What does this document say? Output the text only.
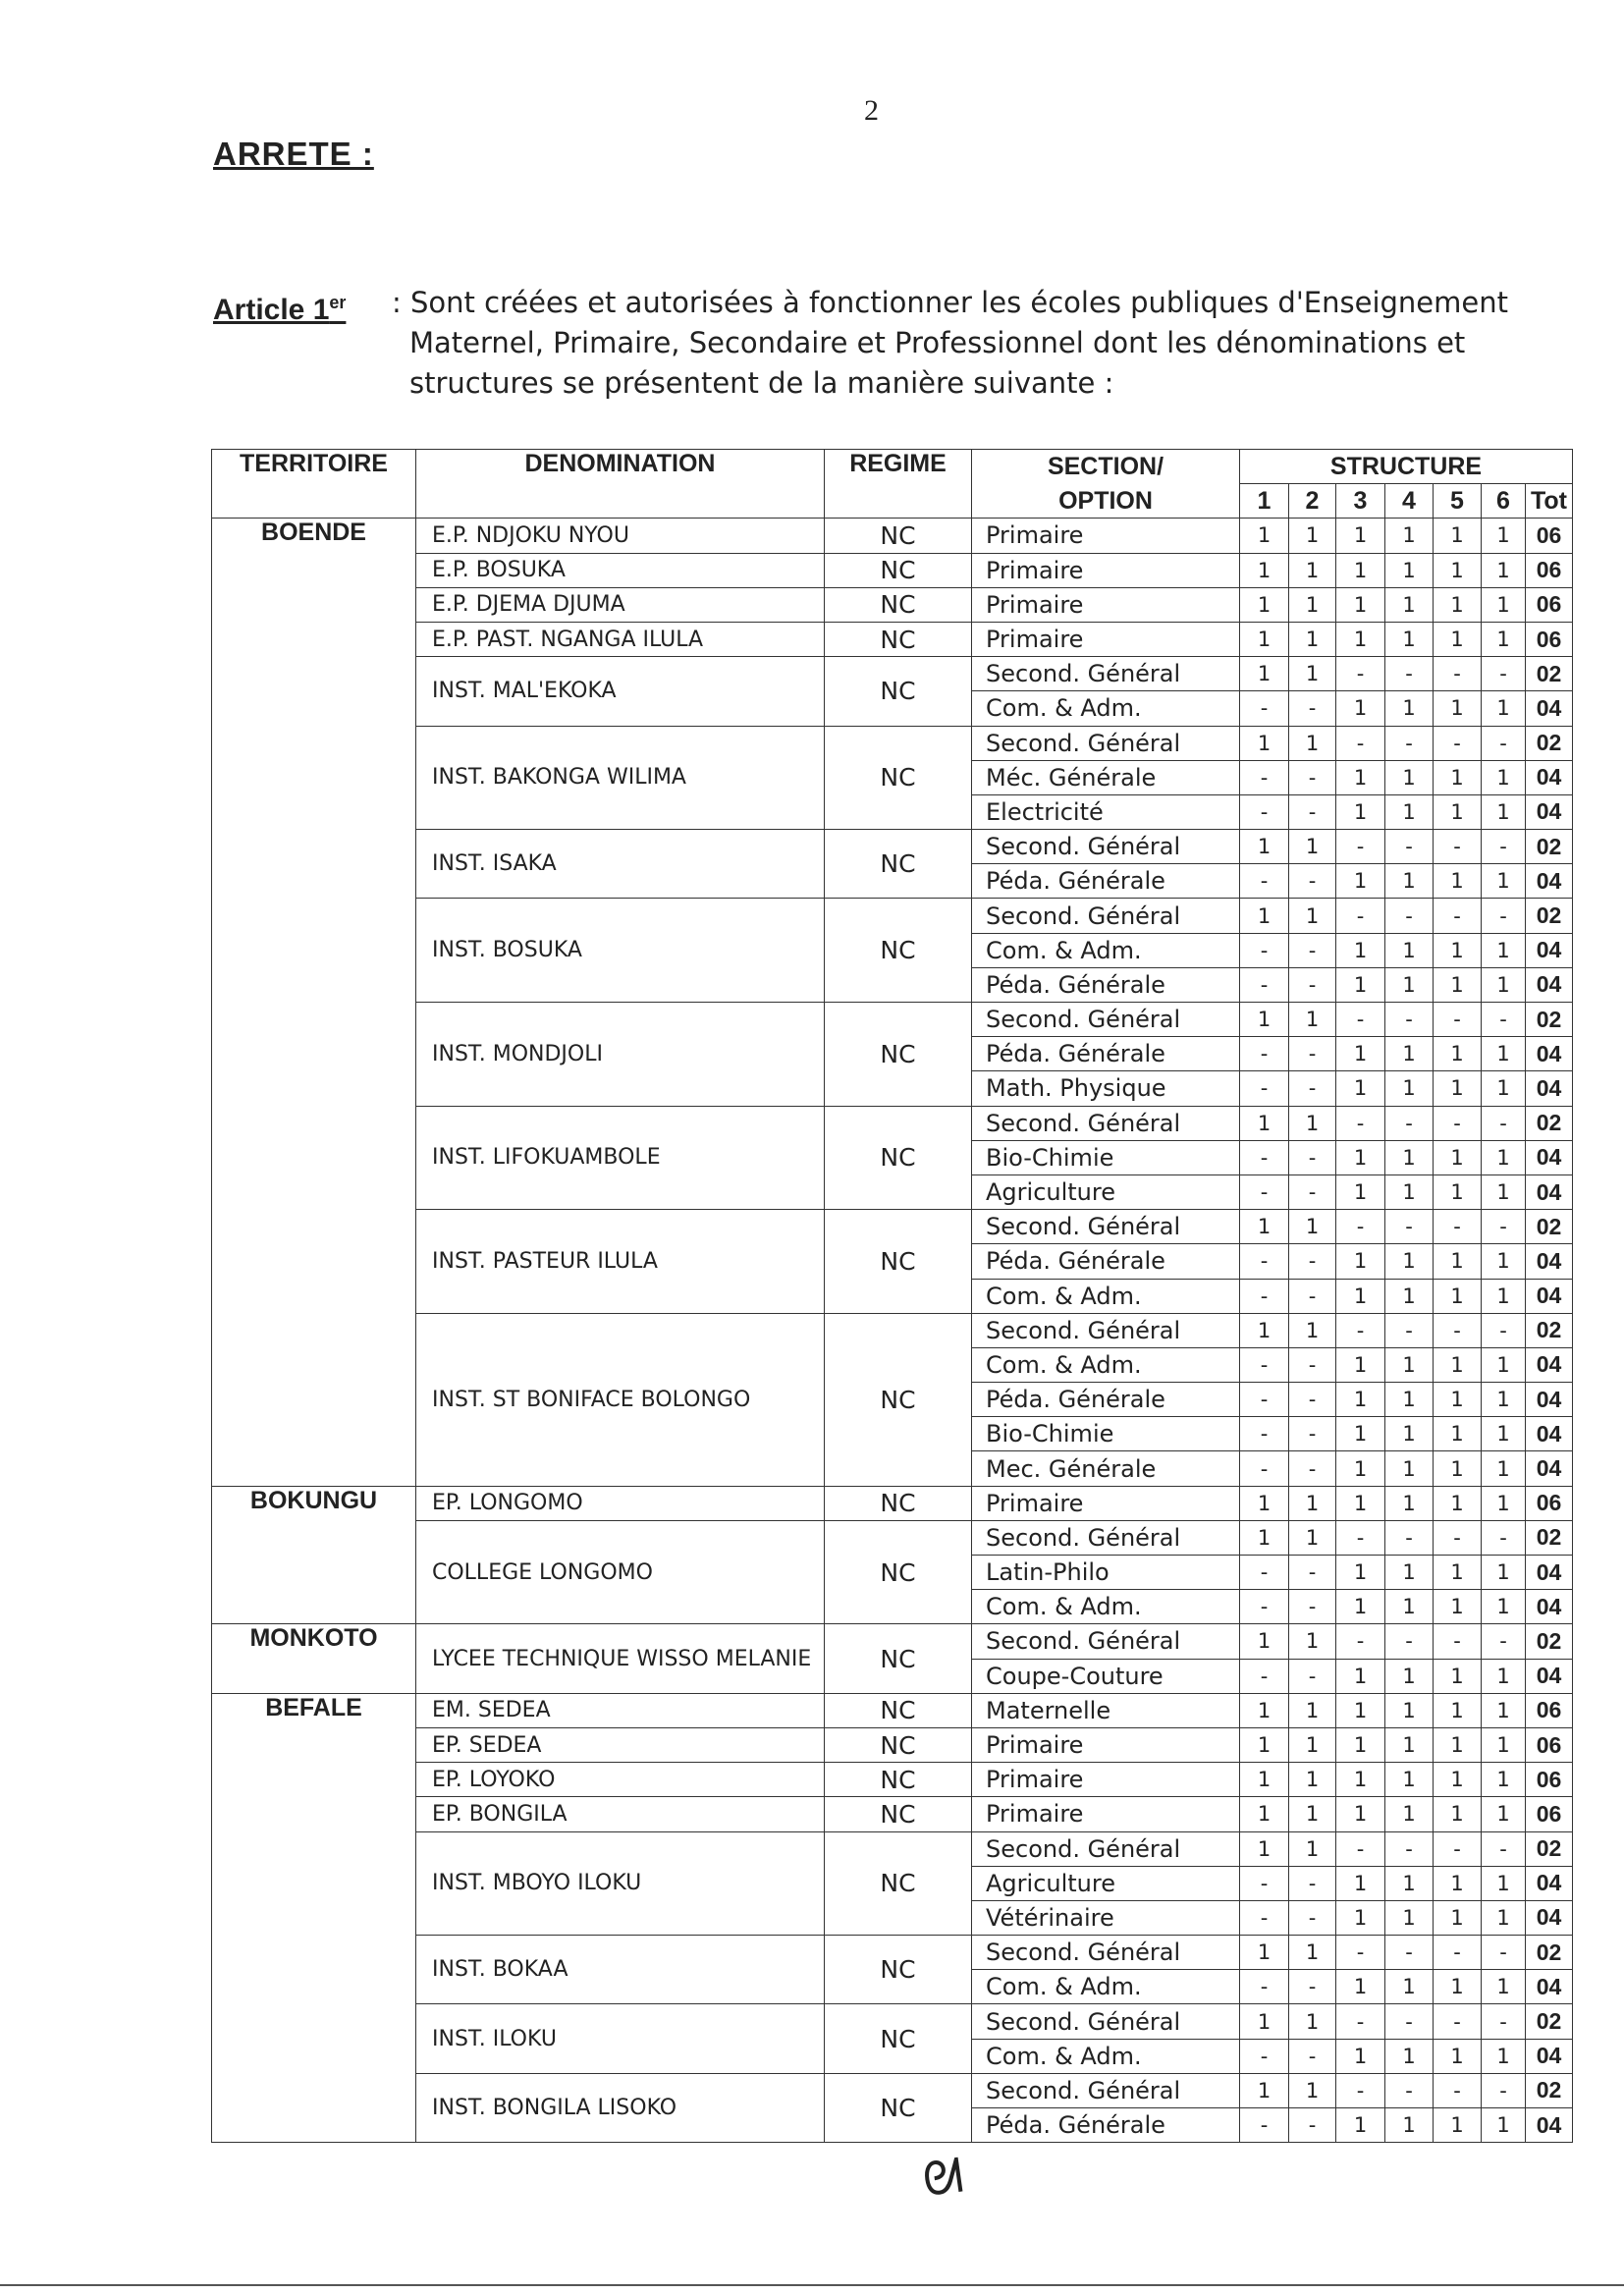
2
ARRETE :
Article 1er : Sont créées et autorisées à fonctionner les écoles publiques d'Enseignement
Maternel, Primaire, Secondaire et Professionnel dont les dénominations et
structures se présentent de la manière suivante :
TERRITOIRE	DENOMINATION	REGIME	SECTION/	STRUCTURE						
			OPTION	1	2	3	4	5	6	Tot
BOENDE	E.P. NDJOKU NYOU	NC	Primaire	1	1	1	1	1	1	06
	E.P. BOSUKA	NC	Primaire	1	1	1	1	1	1	06
	E.P. DJEMA DJUMA	NC	Primaire	1	1	1	1	1	1	06
	E.P. PAST. NGANGA ILULA	NC	Primaire	1	1	1	1	1	1	06
	INST. MAL'EKOKA	NC	Second. Général	1	1	-	-	-	-	02
			Com. & Adm.	-	-	1	1	1	1	04
	INST. BAKONGA WILIMA	NC	Second. Général	1	1	-	-	-	-	02
			Méc. Générale	-	-	1	1	1	1	04
			Electricité	-	-	1	1	1	1	04
	INST. ISAKA	NC	Second. Général	1	1	-	-	-	-	02
			Péda. Générale	-	-	1	1	1	1	04
	INST. BOSUKA	NC	Second. Général	1	1	-	-	-	-	02
			Com. & Adm.	-	-	1	1	1	1	04
			Péda. Générale	-	-	1	1	1	1	04
	INST. MONDJOLI	NC	Second. Général	1	1	-	-	-	-	02
			Péda. Générale	-	-	1	1	1	1	04
			Math. Physique	-	-	1	1	1	1	04
	INST. LIFOKUAMBOLE	NC	Second. Général	1	1	-	-	-	-	02
			Bio-Chimie	-	-	1	1	1	1	04
			Agriculture	-	-	1	1	1	1	04
	INST. PASTEUR ILULA	NC	Second. Général	1	1	-	-	-	-	02
			Péda. Générale	-	-	1	1	1	1	04
			Com. & Adm.	-	-	1	1	1	1	04
	INST. ST BONIFACE BOLONGO	NC	Second. Général	1	1	-	-	-	-	02
			Com. & Adm.	-	-	1	1	1	1	04
			Péda. Générale	-	-	1	1	1	1	04
			Bio-Chimie	-	-	1	1	1	1	04
			Mec. Générale	-	-	1	1	1	1	04
BOKUNGU	EP. LONGOMO	NC	Primaire	1	1	1	1	1	1	06
	COLLEGE LONGOMO	NC	Second. Général	1	1	-	-	-	-	02
			Latin-Philo	-	-	1	1	1	1	04
			Com. & Adm.	-	-	1	1	1	1	04
MONKOTO	LYCEE TECHNIQUE WISSO MELANIE	NC	Second. Général	1	1	-	-	-	-	02
			Coupe-Couture	-	-	1	1	1	1	04
BEFALE	EM. SEDEA	NC	Maternelle	1	1	1	1	1	1	06
	EP. SEDEA	NC	Primaire	1	1	1	1	1	1	06
	EP. LOYOKO	NC	Primaire	1	1	1	1	1	1	06
	EP. BONGILA	NC	Primaire	1	1	1	1	1	1	06
	INST. MBOYO ILOKU	NC	Second. Général	1	1	-	-	-	-	02
			Agriculture	-	-	1	1	1	1	04
			Vétérinaire	-	-	1	1	1	1	04
	INST. BOKAA	NC	Second. Général	1	1	-	-	-	-	02
			Com. & Adm.	-	-	1	1	1	1	04
	INST. ILOKU	NC	Second. Général	1	1	-	-	-	-	02
			Com. & Adm.	-	-	1	1	1	1	04
	INST. BONGILA LISOKO	NC	Second. Général	1	1	-	-	-	-	02
			Péda. Générale	-	-	1	1	1	1	04
ᘛ
